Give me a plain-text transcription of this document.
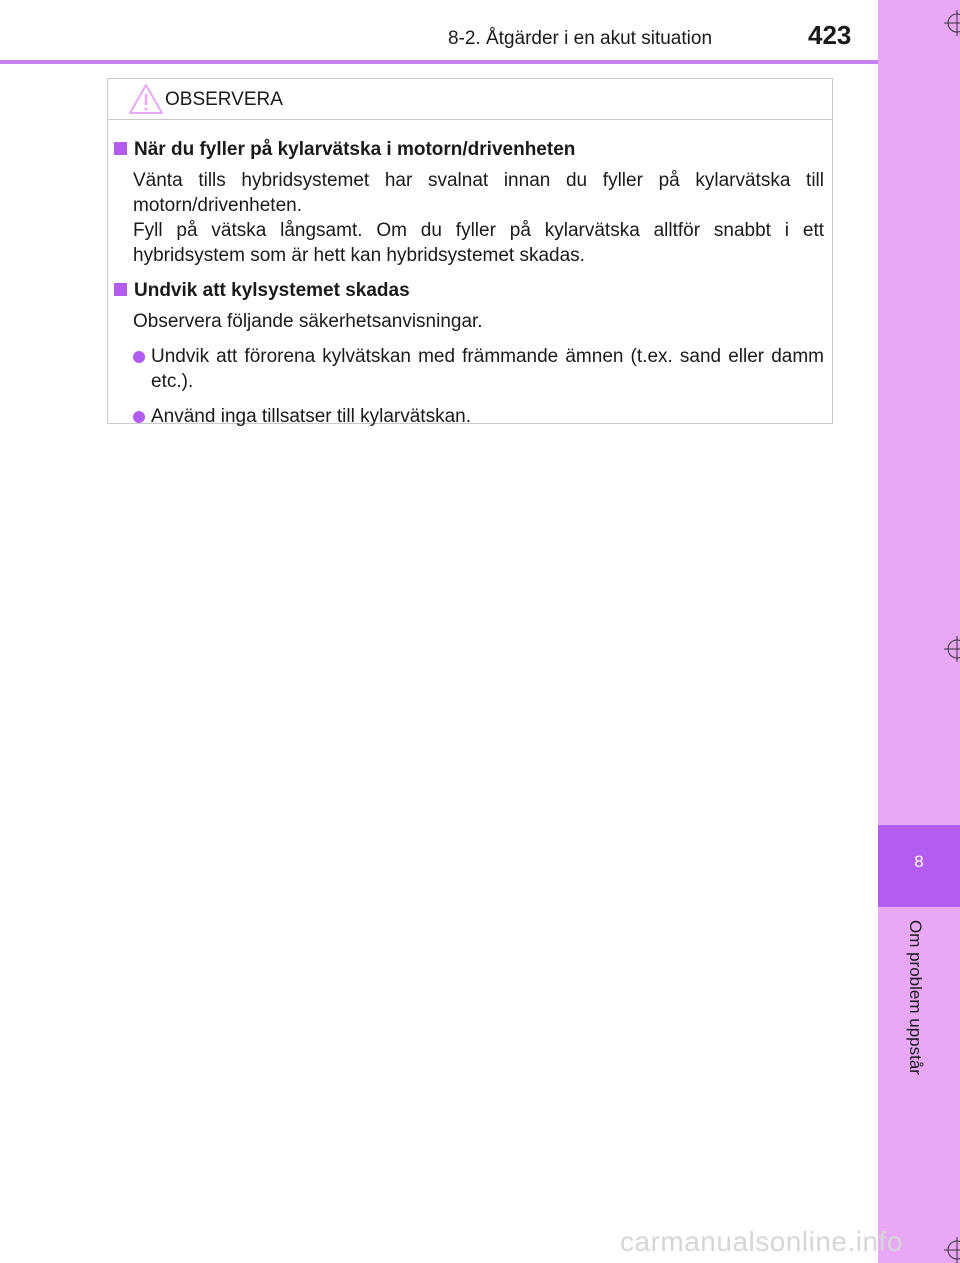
8-2. Åtgärder i en akut situation	423
8
Om problem uppstår
OBSERVERA
När du fyller på kylarvätska i motorn/drivenheten
Vänta tills hybridsystemet har svalnat innan du fyller på kylarvätska till motorn/drivenheten.
Fyll på vätska långsamt. Om du fyller på kylarvätska alltför snabbt i ett hybridsystem som är hett kan hybridsystemet skadas.
Undvik att kylsystemet skadas
Observera följande säkerhetsanvisningar.
Undvik att förorena kylvätskan med främmande ämnen (t.ex. sand eller damm etc.).
Använd inga tillsatser till kylarvätskan.
carmanualsonline.info
